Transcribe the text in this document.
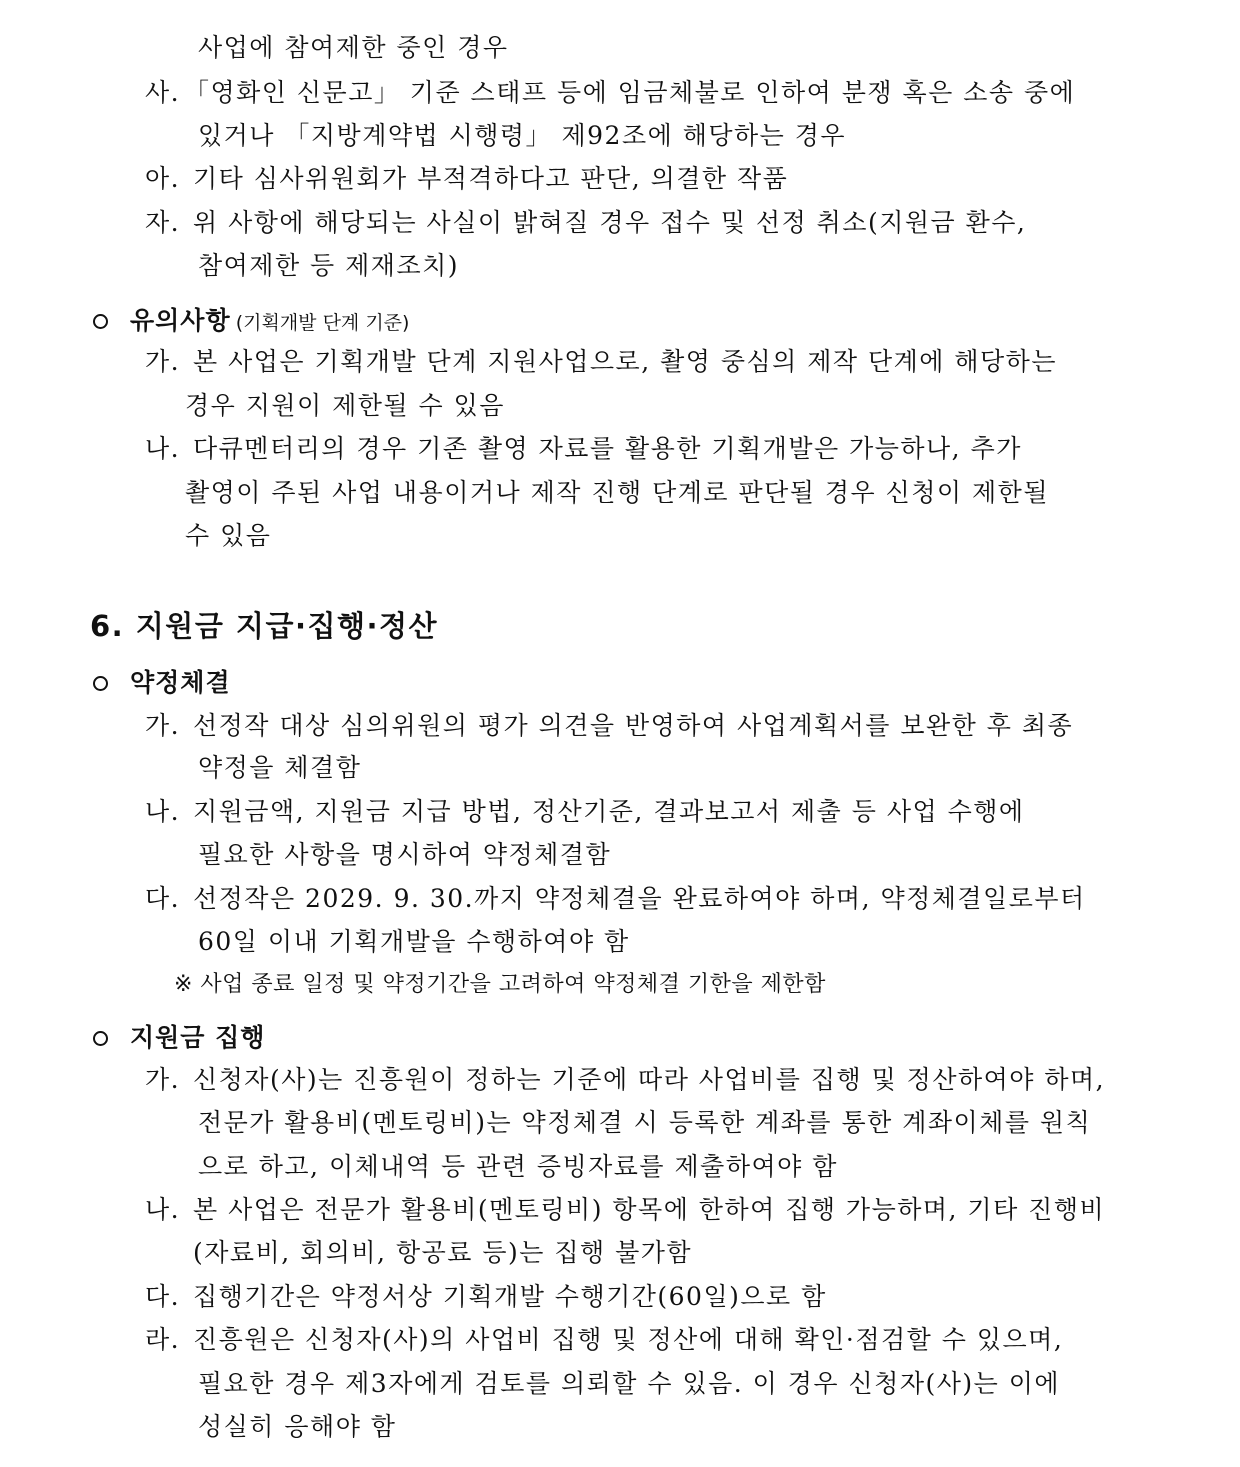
사업에 참여제한 중인 경우
사. 「영화인 신문고」 기준 스태프 등에 임금체불로 인하여 분쟁 혹은 소송 중에
있거나 「지방계약법 시행령」 제92조에 해당하는 경우
아. 기타 심사위원회가 부적격하다고 판단, 의결한 작품
자. 위 사항에 해당되는 사실이 밝혀질 경우 접수 및 선정 취소(지원금 환수,
참여제한 등 제재조치)
유의사항 (기획개발 단계 기준)
가. 본 사업은 기획개발 단계 지원사업으로, 촬영 중심의 제작 단계에 해당하는
경우 지원이 제한될 수 있음
나. 다큐멘터리의 경우 기존 촬영 자료를 활용한 기획개발은 가능하나, 추가
촬영이 주된 사업 내용이거나 제작 진행 단계로 판단될 경우 신청이 제한될
수 있음
6. 지원금 지급·집행·정산
약정체결
가. 선정작 대상 심의위원의 평가 의견을 반영하여 사업계획서를 보완한 후 최종
약정을 체결함
나. 지원금액, 지원금 지급 방법, 정산기준, 결과보고서 제출 등 사업 수행에
필요한 사항을 명시하여 약정체결함
다. 선정작은 2029. 9. 30.까지 약정체결을 완료하여야 하며, 약정체결일로부터
60일 이내 기획개발을 수행하여야 함
※ 사업 종료 일정 및 약정기간을 고려하여 약정체결 기한을 제한함
지원금 집행
가. 신청자(사)는 진흥원이 정하는 기준에 따라 사업비를 집행 및 정산하여야 하며,
전문가 활용비(멘토링비)는 약정체결 시 등록한 계좌를 통한 계좌이체를 원칙
으로 하고, 이체내역 등 관련 증빙자료를 제출하여야 함
나. 본 사업은 전문가 활용비(멘토링비) 항목에 한하여 집행 가능하며, 기타 진행비
(자료비, 회의비, 항공료 등)는 집행 불가함
다. 집행기간은 약정서상 기획개발 수행기간(60일)으로 함
라. 진흥원은 신청자(사)의 사업비 집행 및 정산에 대해 확인·점검할 수 있으며,
필요한 경우 제3자에게 검토를 의뢰할 수 있음. 이 경우 신청자(사)는 이에
성실히 응해야 함
